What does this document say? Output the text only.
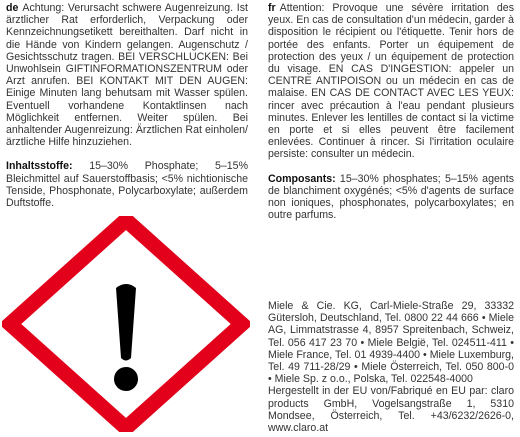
de Achtung: Verursacht schwere Augenreizung. Ist ärztlicher Rat erforderlich, Verpackung oder Kennzeichnungsetikett bereithalten. Darf nicht in die Hände von Kindern gelangen. Augenschutz / Gesichtsschutz tragen. BEI VERSCHLUCKEN: Bei Unwohlsein GIFTINFORMATIONSZENTRUM oder Arzt anrufen. BEI KONTAKT MIT DEN AUGEN: Einige Minuten lang behutsam mit Wasser spülen. Eventuell vorhandene Kontaktlinsen nach Möglichkeit entfernen. Weiter spülen. Bei anhaltender Augenreizung: Ärztlichen Rat einholen/ärztliche Hilfe hinzuziehen.

Inhaltsstoffe: 15–30% Phosphate; 5–15% Bleichmittel auf Sauerstoffbasis; <5% nichtionische Tenside, Phosphonate, Polycarboxylate; außerdem Duftstoffe.

fr Attention: Provoque une sévère irritation des yeux. En cas de consultation d'un médecin, garder à disposition le récipient ou l'étiquette. Tenir hors de portée des enfants. Porter un équipement de protection des yeux / un équipement de protection du visage. EN CAS D'INGESTION: appeler un CENTRE ANTIPOISON ou un médecin en cas de malaise. EN CAS DE CONTACT AVEC LES YEUX: rincer avec précaution à l'eau pendant plusieurs minutes. Enlever les lentilles de contact si la victime en porte et si elles peuvent être facilement enlevées. Continuer à rincer. Si l'irritation oculaire persiste: consulter un médecin.

Composants: 15–30% phosphates; 5–15% agents de blanchiment oxygénés; <5% d'agents de surface non ioniques, phosphonates, polycarboxylates; en outre parfums.

Miele & Cie. KG, Carl-Miele-Straße 29, 33332 Gütersloh, Deutschland, Tel. 0800 22 44 666 • Miele AG, Limmatstrasse 4, 8957 Spreitenbach, Schweiz, Tel. 056 417 23 70 • Miele België, Tel. 024511-411 • Miele France, Tel. 01 4939-4400 • Miele Luxemburg, Tel. 49 711-28/29 • Miele Österreich, Tel. 050 800-0 • Miele Sp. z o.o., Polska, Tel. 022548-4000

Hergestellt in der EU von/Fabriqué en EU par: claro products GmbH, Vogelsangstraße 1, 5310 Mondsee, Österreich, Tel. +43/6232/2626-0, www.claro.at
